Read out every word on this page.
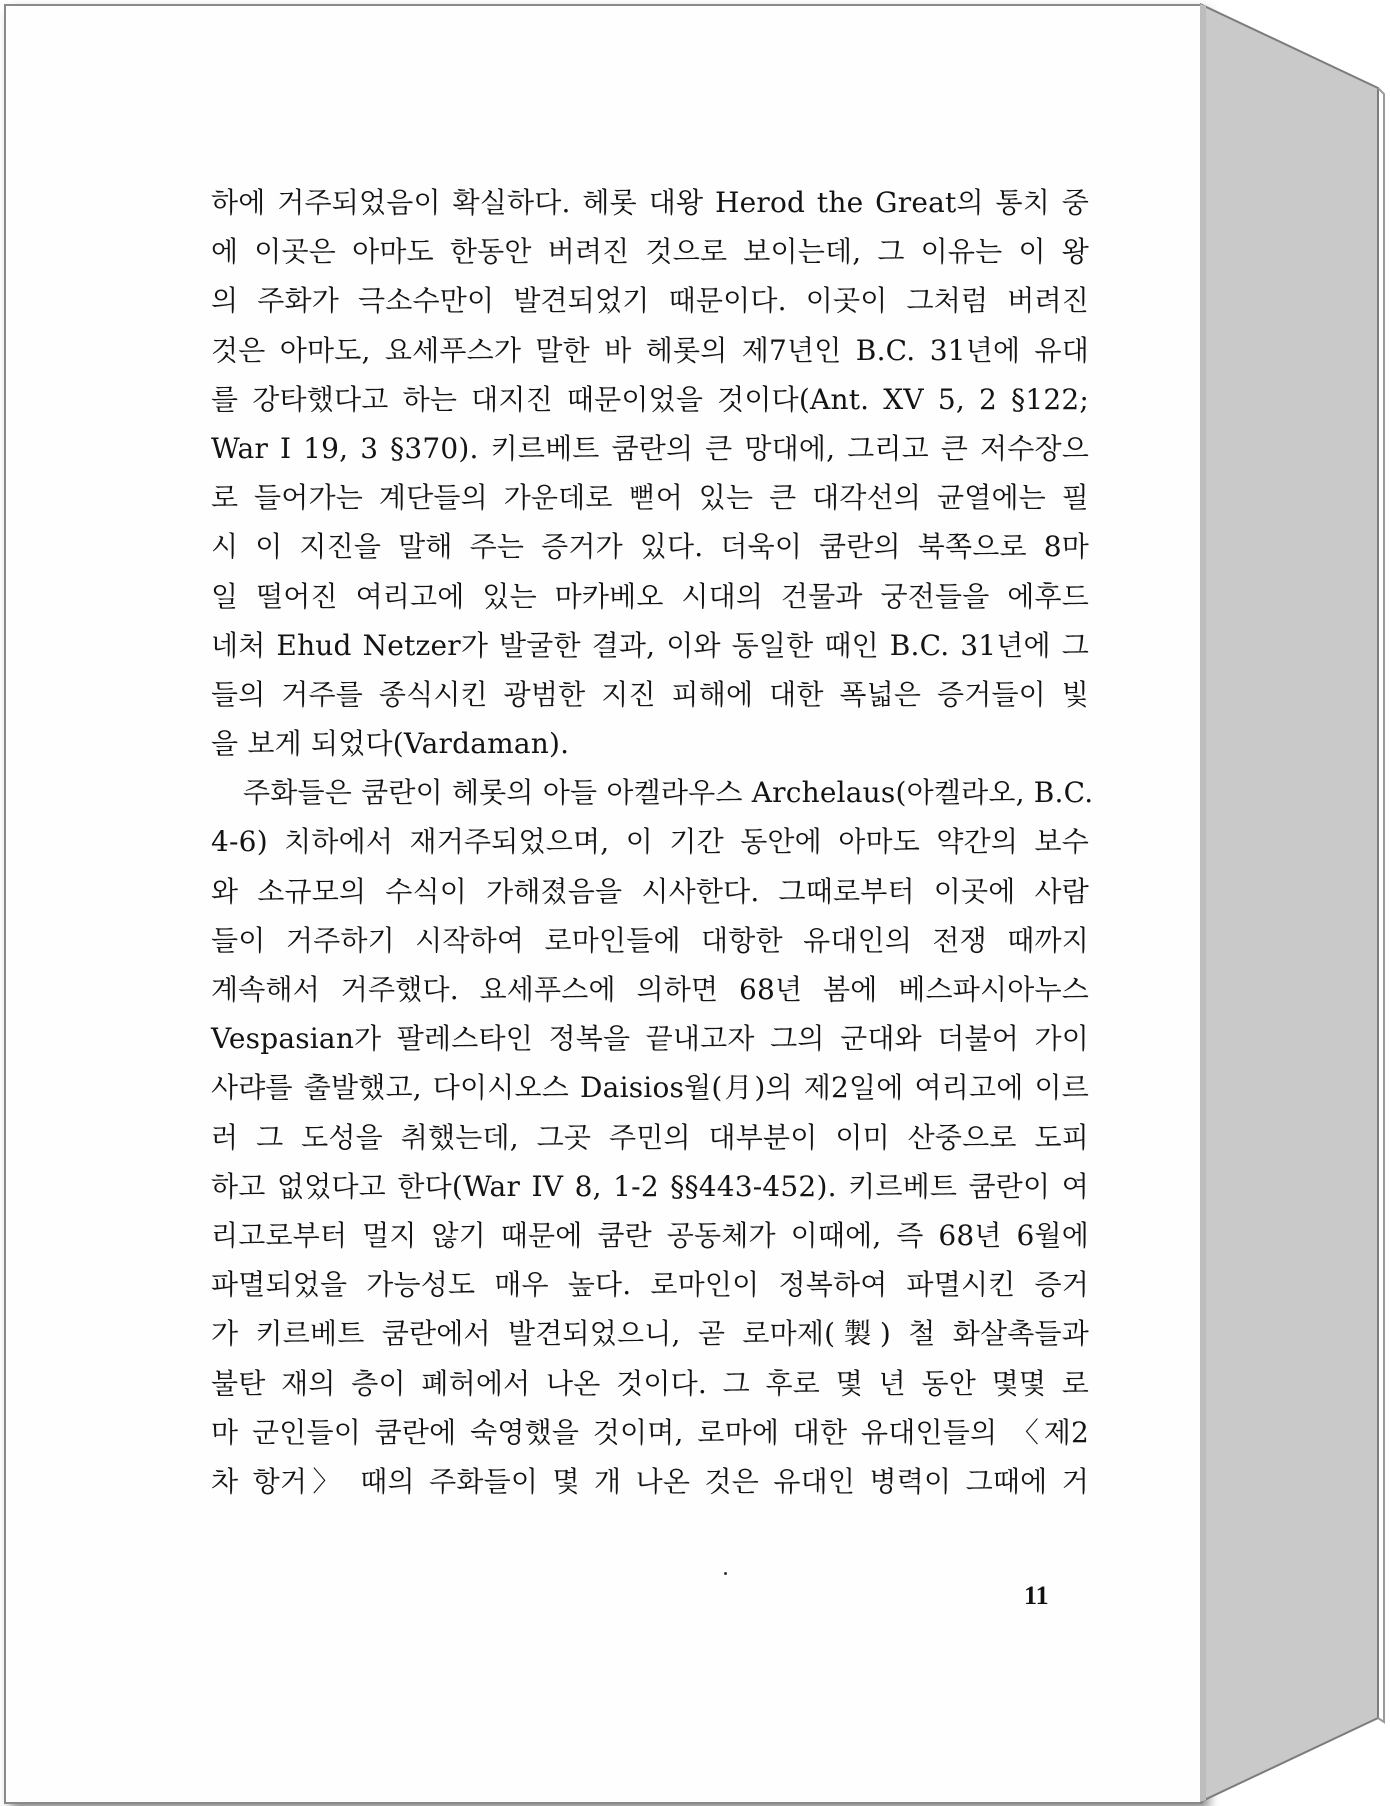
하에 거주되었음이 확실하다. 헤롯 대왕 Herod the Great의 통치 중
에 이곳은 아마도 한동안 버려진 것으로 보이는데, 그 이유는 이 왕
의 주화가 극소수만이 발견되었기 때문이다. 이곳이 그처럼 버려진
것은 아마도, 요세푸스가 말한 바 헤롯의 제7년인 B.C. 31년에 유대
를 강타했다고 하는 대지진 때문이었을 것이다(Ant. XV 5, 2 §122;
War I 19, 3 §370). 키르베트 쿰란의 큰 망대에, 그리고 큰 저수장으
로 들어가는 계단들의 가운데로 뻗어 있는 큰 대각선의 균열에는 필
시 이 지진을 말해 주는 증거가 있다. 더욱이 쿰란의 북쪽으로 8마
일 떨어진 여리고에 있는 마카베오 시대의 건물과 궁전들을 에후드
네처 Ehud Netzer가 발굴한 결과, 이와 동일한 때인 B.C. 31년에 그
들의 거주를 종식시킨 광범한 지진 피해에 대한 폭넓은 증거들이 빛
을 보게 되었다(Vardaman).
주화들은 쿰란이 헤롯의 아들 아켈라우스 Archelaus(아켈라오, B.C.
4-6) 치하에서 재거주되었으며, 이 기간 동안에 아마도 약간의 보수
와 소규모의 수식이 가해졌음을 시사한다. 그때로부터 이곳에 사람
들이 거주하기 시작하여 로마인들에 대항한 유대인의 전쟁 때까지
계속해서 거주했다. 요세푸스에 의하면 68년 봄에 베스파시아누스
Vespasian가 팔레스타인 정복을 끝내고자 그의 군대와 더불어 가이
사랴를 출발했고, 다이시오스 Daisios월(月)의 제2일에 여리고에 이르
러 그 도성을 취했는데, 그곳 주민의 대부분이 이미 산중으로 도피
하고 없었다고 한다(War IV 8, 1-2 §§443-452). 키르베트 쿰란이 여
리고로부터 멀지 않기 때문에 쿰란 공동체가 이때에, 즉 68년 6월에
파멸되었을 가능성도 매우 높다. 로마인이 정복하여 파멸시킨 증거
가 키르베트 쿰란에서 발견되었으니, 곧 로마제(製) 철 화살촉들과
불탄 재의 층이 폐허에서 나온 것이다. 그 후로 몇 년 동안 몇몇 로
마 군인들이 쿰란에 숙영했을 것이며, 로마에 대한 유대인들의 〈제2
차 항거〉 때의 주화들이 몇 개 나온 것은 유대인 병력이 그때에 거
11
